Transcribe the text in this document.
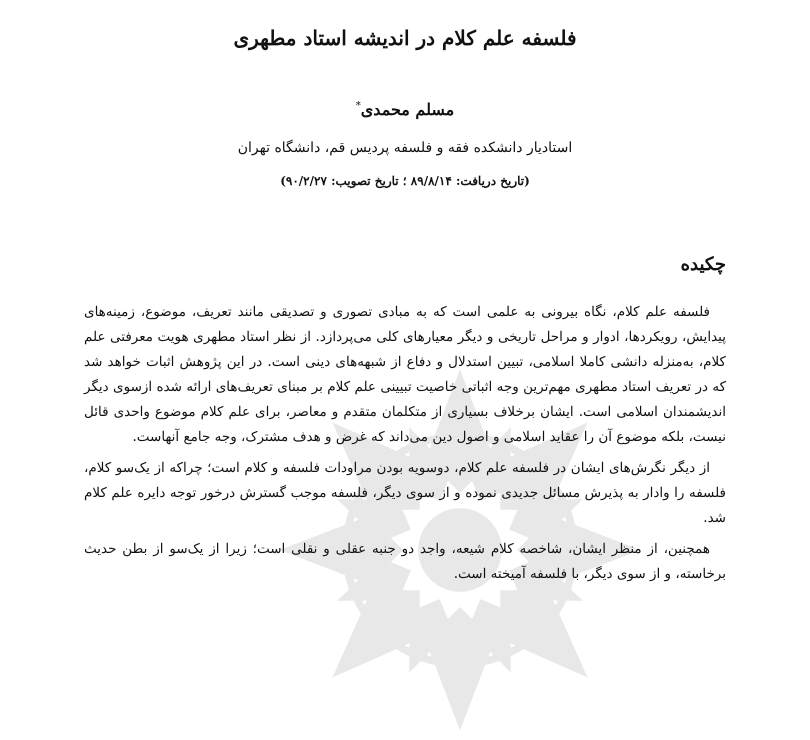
فلسفه علم کلام در اندیشه استاد مطهری
مسلم محمدی*
استادیار دانشکده فقه و فلسفه پردیس قم، دانشگاه تهران
(تاریخ دریافت: ۸۹/۸/۱۴ ؛ تاریخ تصویب: ۹۰/۲/۲۷)
چکیده

فلسفه علم کلام، نگاه بیرونی به علمی است که به مبادی تصوری و تصدیقی مانند تعریف، موضوع، زمینه‌های پیدایش، رویکردها، ادوار و مراحل تاریخی و دیگر معیارهای کلی می‌پردازد. از نظر استاد مطهری هویت معرفتی علم کلام، به‌منزله دانشی کاملا اسلامی، تبیین استدلال و دفاع از شبهه‌های دینی است. در این پژوهش اثبات خواهد شد که در تعریف استاد مطهری مهم‌ترین وجه اثباتی خاصیت تبیینی علم کلام بر مبنای تعریف‌های ارائه شده ازسوی دیگر اندیشمندان اسلامی است. ایشان برخلاف بسیاری از متکلمان متقدم و معاصر، برای علم کلام موضوع واحدی قائل نیست، بلکه موضوع آن را عقاید اسلامی و اصول دین می‌داند که غرض و هدف مشترک، وجه جامع آنهاست.

از دیگر نگرش‌های ایشان در فلسفه علم کلام، دوسویه بودن مراودات فلسفه و کلام است؛ چراکه از یک‌سو کلام، فلسفه را وادار به پذیرش مسائل جدیدی نموده و از سوی دیگر، فلسفه موجب گسترش درخور توجه دایره علم کلام شد.

همچنین، از منظر ایشان، شاخصه کلام شیعه، واجد دو جنبه عقلی و نقلی است؛ زیرا از یک‌سو از بطن حدیث برخاسته، و از سوی دیگر، با فلسفه آمیخته است.
